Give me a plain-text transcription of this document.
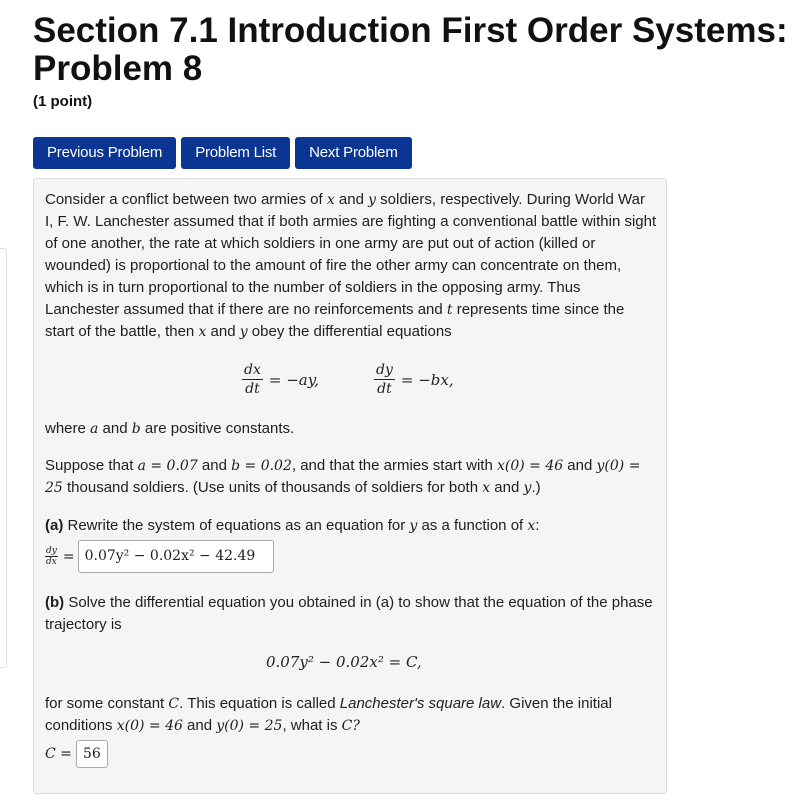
Section 7.1 Introduction First Order Systems: Problem 8
(1 point)
Previous Problem	Problem List	Next Problem
Consider a conflict between two armies of x and y soldiers, respectively. During World War I, F. W. Lanchester assumed that if both armies are fighting a conventional battle within sight of one another, the rate at which soldiers in one army are put out of action (killed or wounded) is proportional to the amount of fire the other army can concentrate on them, which is in turn proportional to the number of soldiers in the opposing army. Thus Lanchester assumed that if there are no reinforcements and t represents time since the start of the battle, then x and y obey the differential equations
$\frac{dx}{dt} = -ay$,	$\frac{dy}{dt} = -bx$,
where a and b are positive constants.
Suppose that a = 0.07 and b = 0.02, and that the armies start with x(0) = 46 and y(0) = 25 thousand soldiers. (Use units of thousands of soldiers for both x and y.)
(a) Rewrite the system of equations as an equation for y as a function of x:
$\frac{dy}{dx} = 0.07y^2 - 0.02x^2 - 42.49$
(b) Solve the differential equation you obtained in (a) to show that the equation of the phase trajectory is
0.07y² − 0.02x² = C,
for some constant C. This equation is called Lanchester's square law. Given the initial conditions x(0) = 46 and y(0) = 25, what is C?
C = 56
